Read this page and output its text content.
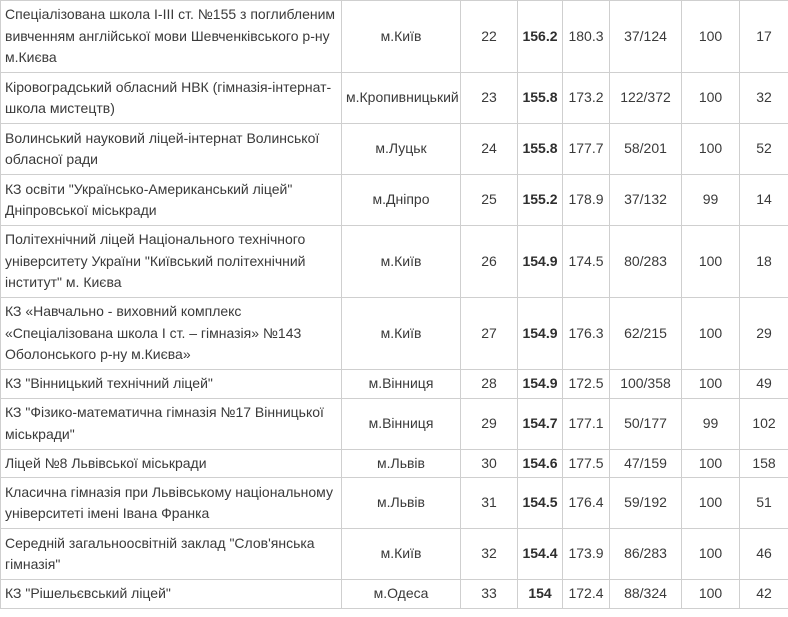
Спеціалізована школа І-ІІІ ст. №155 з поглибленим вивченням англійської мови Шевченківського р-ну м.Києва	м.Київ	22	156.2	180.3	37/124	100	17
Кіровоградський обласний НВК (гімназія-інтернат-школа мистецтв)	м.Кропивницький	23	155.8	173.2	122/372	100	32
Волинський науковий ліцей-інтернат Волинської обласної ради	м.Луцьк	24	155.8	177.7	58/201	100	52
КЗ освіти "Українсько-Американський ліцей" Дніпровської міськради	м.Дніпро	25	155.2	178.9	37/132	99	14
Політехнічний ліцей Національного технічного університету України "Київський політехнічний інститут" м. Києва	м.Київ	26	154.9	174.5	80/283	100	18
КЗ «Навчально - виховний комплекс «Спеціалізована школа І ст. – гімназія» №143 Оболонського р-ну м.Києва»	м.Київ	27	154.9	176.3	62/215	100	29
КЗ "Вінницький технічний ліцей"	м.Вінниця	28	154.9	172.5	100/358	100	49
КЗ "Фізико-математична гімназія №17 Вінницької міськради"	м.Вінниця	29	154.7	177.1	50/177	99	102
Ліцей №8 Львівської міськради	м.Львів	30	154.6	177.5	47/159	100	158
Класична гімназія при Львівському національному університеті імені Івана Франка	м.Львів	31	154.5	176.4	59/192	100	51
Середній загальноосвітній заклад "Слов'янська гімназія"	м.Київ	32	154.4	173.9	86/283	100	46
КЗ "Рішельєвський ліцей"	м.Одеса	33	154	172.4	88/324	100	42
